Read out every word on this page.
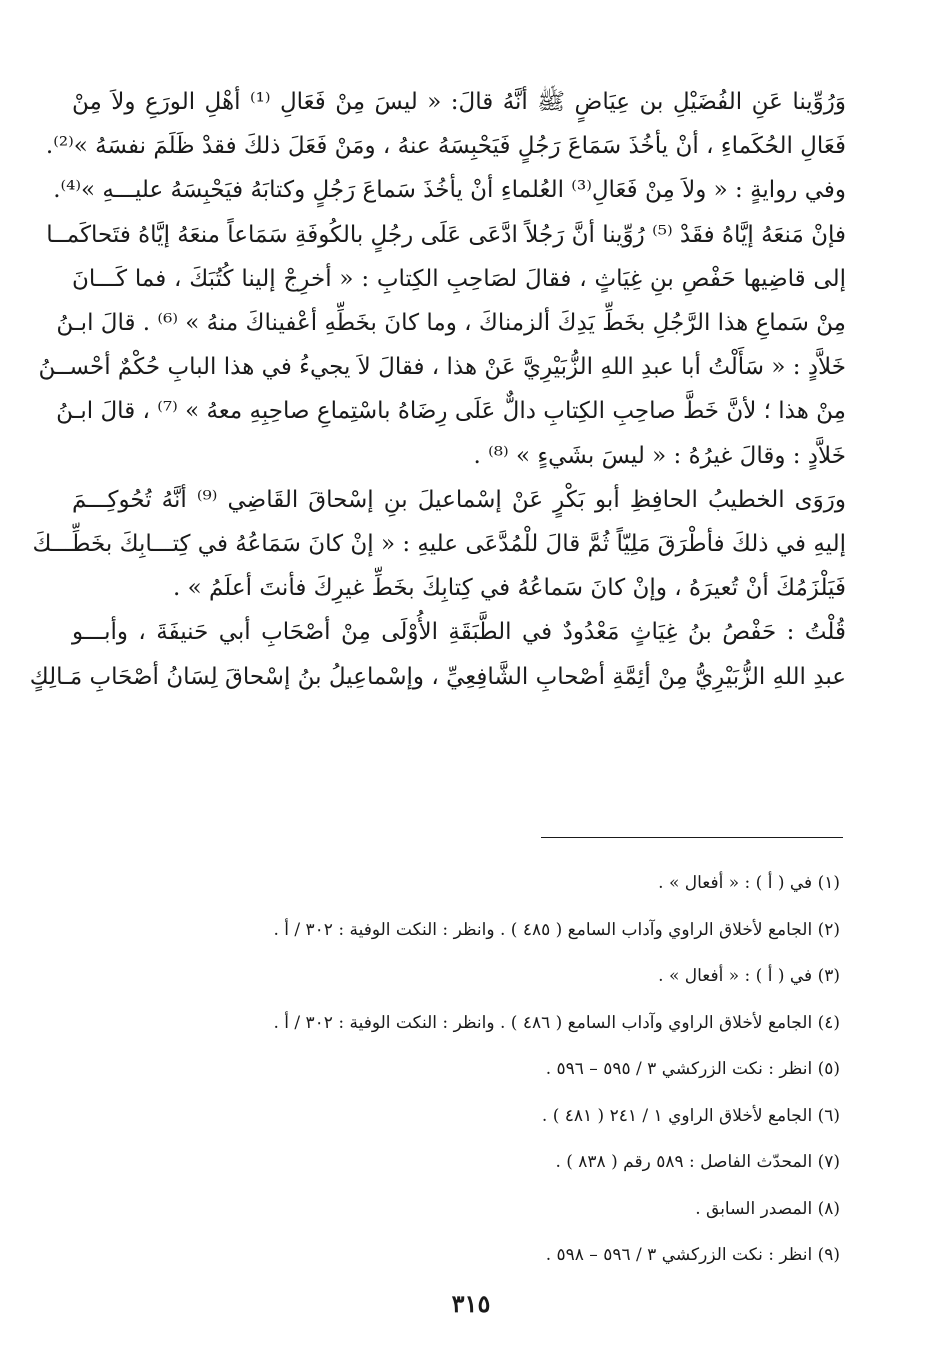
وَرُوِّينا عَنِ الفُضَيْلِ بن عِيَاضٍ ﷺ أنَّهُ قالَ: « ليسَ مِنْ فَعَالِ ⁽¹⁾ أهْلِ الورَعِ ولاَ مِنْ
فَعَالِ الحُكَماءِ ، أنْ يأخُذَ سَمَاعَ رَجُلٍ فَيَحْبِسَهُ عنهُ ، ومَنْ فَعَلَ ذلكَ فقدْ ظَلَمَ نفسَهُ »⁽²⁾.
وفي روايةٍ : « ولاَ مِنْ فَعَالِ⁽³⁾ العُلماءِ أنْ يأخُذَ سَماعَ رَجُلٍ وكتابَهُ فيَحْبِسَهُ عليـــهِ »⁽⁴⁾.
فإنْ مَنعَهُ إيَّاهُ فقَدْ ⁽⁵⁾ رُوِّينا أنَّ رَجُلاً ادَّعَى عَلَى رجُلٍ بالكُوفَةِ سَمَاعاً منعَهُ إيَّاهُ فتَحاكَمــا
إلى قاضِيها حَفْصِ بنِ غِيَاثٍ ، فقالَ لصَاحِبِ الكِتابِ : « أخرِجْ إلينا كُتُبَكَ ، فما كَـــانَ
مِنْ سَماعِ هذا الرَّجُلِ بخَطِّ يَدِكَ ألزمناكَ ، وما كانَ بخَطِّهِ أعْفيناكَ منهُ » ⁽⁶⁾ . قالَ ابـنُ
خَلاَّدٍ : « سَأَلْتُ أبا عبدِ اللهِ الزُّبَيْرِيَّ عَنْ هذا ، فقالَ لاَ يجيءُ في هذا البابِ حُكْمٌ أحْســنُ
مِنْ هذا ؛ لأنَّ خَطَّ صاحِبِ الكِتابِ دالٌّ عَلَى رِضَاهُ باسْتِماعِ صاحِبِهِ معهُ » ⁽⁷⁾ ، قالَ ابـنُ
خَلاَّدٍ : وقالَ غيرُهُ : « ليسَ بشَيءٍ » ⁽⁸⁾ .
ورَوَى الخطيبُ الحافِظِ أبو بَكْرٍ عَنْ إسْماعيلَ بنِ إسْحاقَ القَاضِي ⁽⁹⁾ أنَّهُ تُحُوكِـــمَ
إليهِ في ذلكَ فأطْرَقَ مَلِيّاً ثُمَّ قالَ للْمُدَّعَى عليهِ : « إنْ كانَ سَمَاعُهُ في كِتـــابِكَ بخَطِّـــكَ
فَيَلْزَمُكَ أنْ تُعيرَهُ ، وإنْ كانَ سَماعُهُ في كِتابِكَ بخَطِّ غيرِكَ فأنتَ أعلَمُ » .
قُلْتُ : حَفْصُ بنُ غِيَاثٍ مَعْدُودٌ في الطَّبَقَةِ الأُوْلَى مِنْ أصْحَابِ أبي حَنيفَةَ ، وأبـــو
عبدِ اللهِ الزُّبَيْرِيُّ مِنْ أئِمَّةِ أصْحابِ الشَّافِعِيِّ ، وإسْماعِيلُ بنُ إسْحاقَ لِسَانُ أصْحَابِ مَـالِكٍ
(١) في ( أ ) : « أفعال » .
(٢) الجامع لأخلاق الراوي وآداب السامع ( ٤٨٥ ) . وانظر : النكت الوفية : ٣٠٢ / أ .
(٣) في ( أ ) : « أفعال » .
(٤) الجامع لأخلاق الراوي وآداب السامع ( ٤٨٦ ) . وانظر : النكت الوفية : ٣٠٢ / أ .
(٥) انظر : نكت الزركشي ٣ / ٥٩٥ – ٥٩٦ .
(٦) الجامع لأخلاق الراوي ١ / ٢٤١ ( ٤٨١ ) .
(٧) المحدّث الفاصل : ٥٨٩ رقم ( ٨٣٨ ) .
(٨) المصدر السابق .
(٩) انظر : نكت الزركشي ٣ / ٥٩٦ – ٥٩٨ .
٣١٥
